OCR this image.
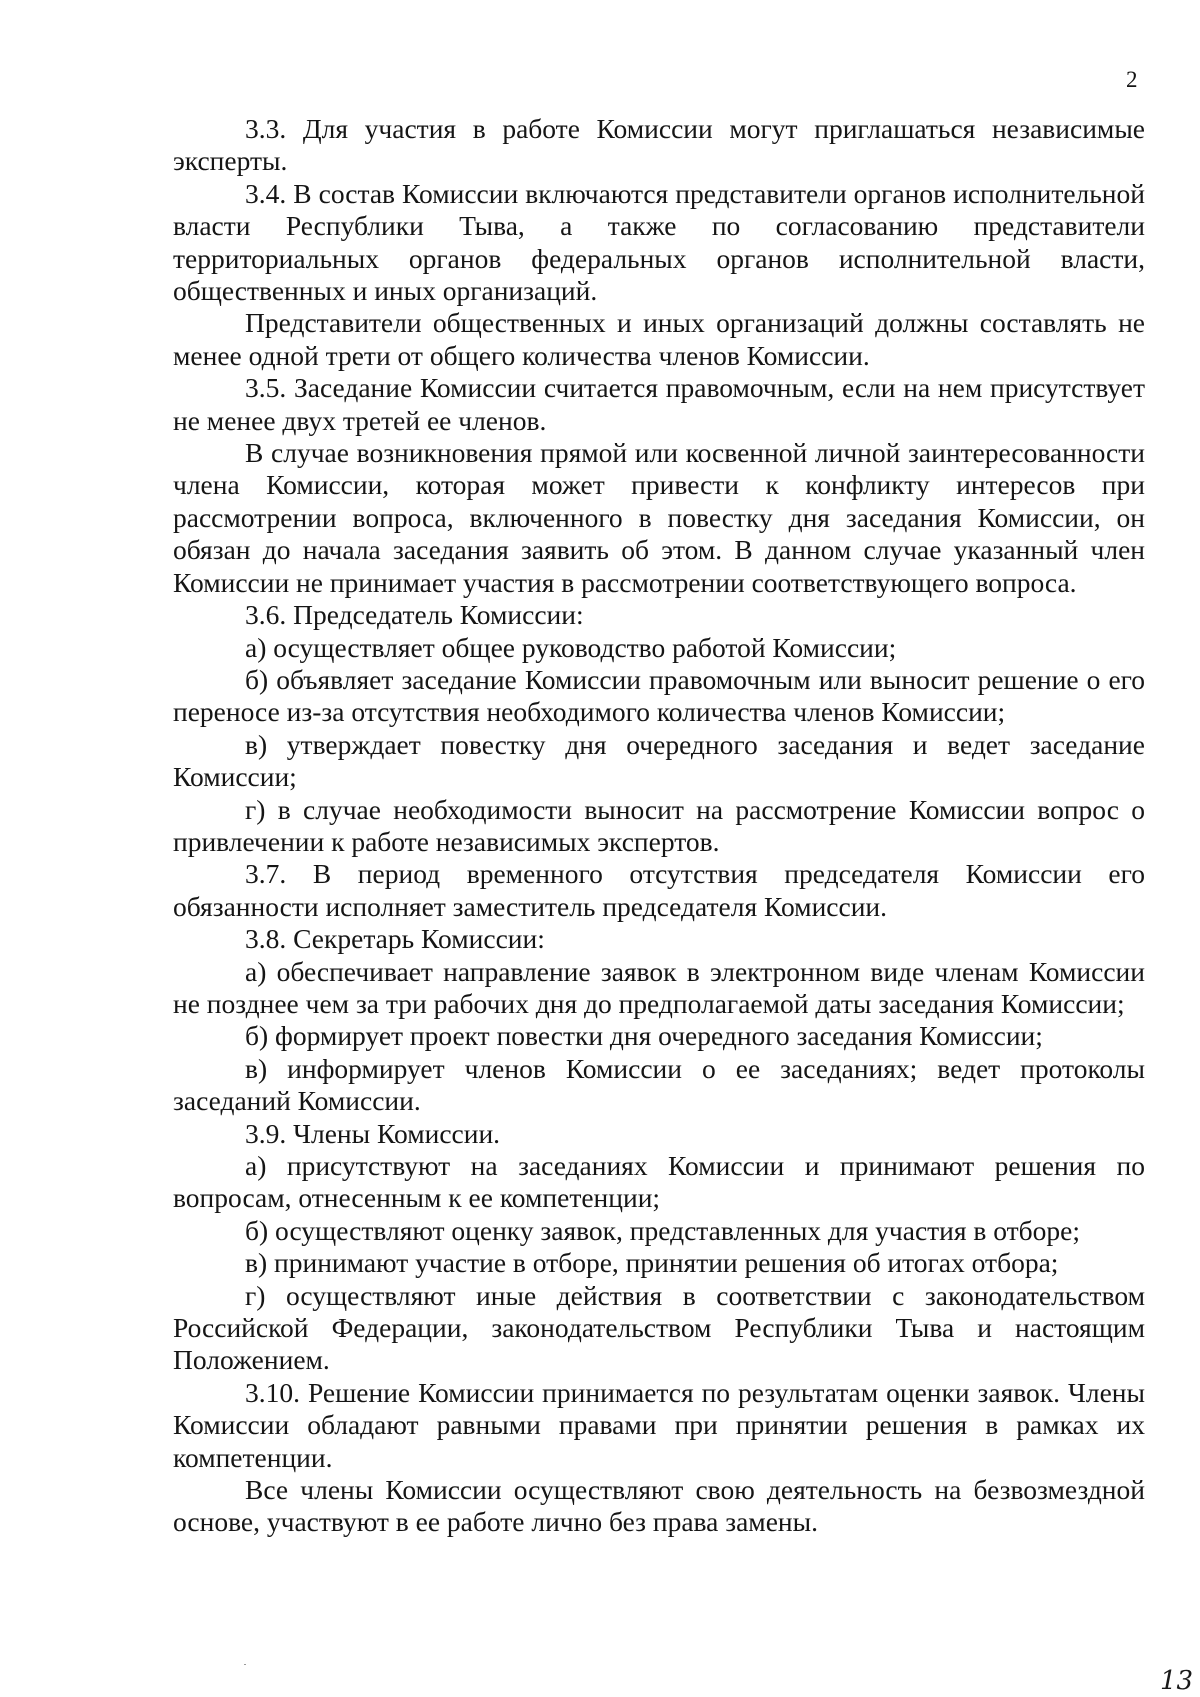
2

3.3. Для участия в работе Комиссии могут приглашаться независимые эксперты.

3.4. В состав Комиссии включаются представители органов исполнительной власти Республики Тыва, а также по согласованию представители территориальных органов федеральных органов исполнительной власти, общественных и иных организаций.

Представители общественных и иных организаций должны составлять не менее одной трети от общего количества членов Комиссии.

3.5. Заседание Комиссии считается правомочным, если на нем присутствует не менее двух третей ее членов.

В случае возникновения прямой или косвенной личной заинтересованности члена Комиссии, которая может привести к конфликту интересов при рассмотрении вопроса, включенного в повестку дня заседания Комиссии, он обязан до начала заседания заявить об этом. В данном случае указанный член Комиссии не принимает участия в рассмотрении соответствующего вопроса.

3.6. Председатель Комиссии:

а) осуществляет общее руководство работой Комиссии;

б) объявляет заседание Комиссии правомочным или выносит решение о его переносе из-за отсутствия необходимого количества членов Комиссии;

в) утверждает повестку дня очередного заседания и ведет заседание Комиссии;

г) в случае необходимости выносит на рассмотрение Комиссии вопрос о привлечении к работе независимых экспертов.

3.7. В период временного отсутствия председателя Комиссии его обязанности исполняет заместитель председателя Комиссии.

3.8. Секретарь Комиссии:

а) обеспечивает направление заявок в электронном виде членам Комиссии не позднее чем за три рабочих дня до предполагаемой даты заседания Комиссии;

б) формирует проект повестки дня очередного заседания Комиссии;

в) информирует членов Комиссии о ее заседаниях; ведет протоколы заседаний Комиссии.

3.9. Члены Комиссии.

а) присутствуют на заседаниях Комиссии и принимают решения по вопросам, отнесенным к ее компетенции;

б) осуществляют оценку заявок, представленных для участия в отборе;

в) принимают участие в отборе, принятии решения об итогах отбора;

г) осуществляют иные действия в соответствии с законодательством Российской Федерации, законодательством Республики Тыва и настоящим Положением.

3.10. Решение Комиссии принимается по результатам оценки заявок. Члены Комиссии обладают равными правами при принятии решения в рамках их компетенции.

Все члены Комиссии осуществляют свою деятельность на безвозмездной основе, участвуют в ее работе лично без права замены.

13
